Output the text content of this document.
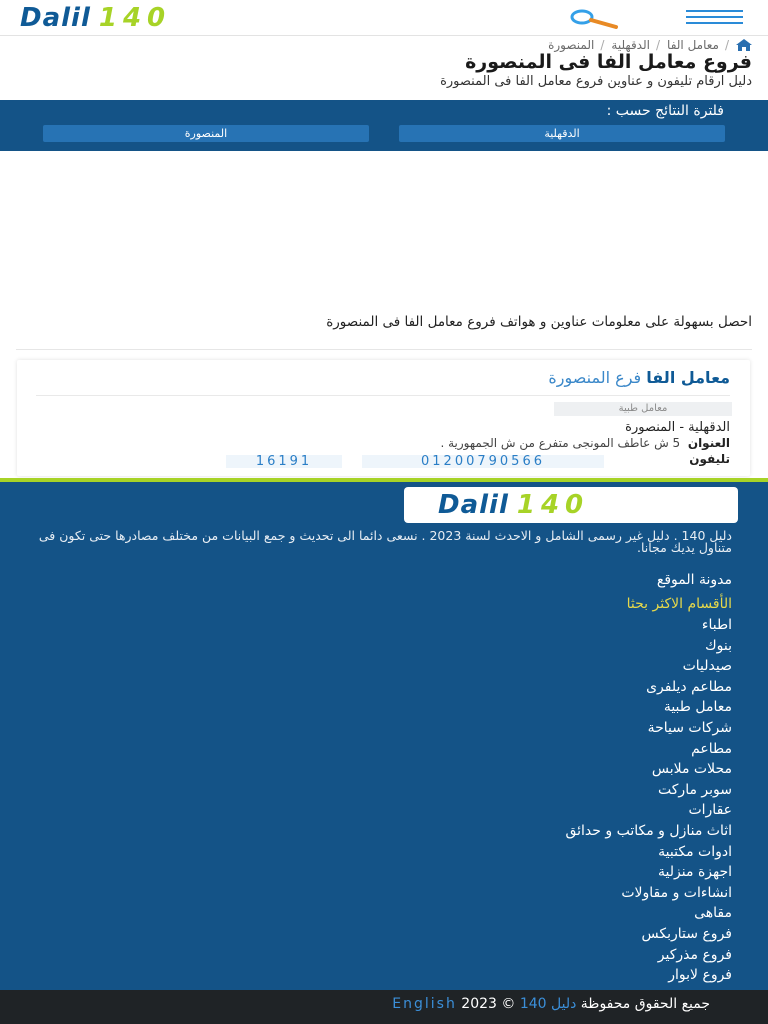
Dalil 140
/
معامل الفا
/
الدقهلية
/
المنصورة
فروع معامل الفا فى المنصورة
دليل ارقام تليفون و عناوين فروع معامل الفا فى المنصورة
فلترة النتائج حسب :
الدقهلية
المنصورة
احصل بسهولة على معلومات عناوين و هواتف فروع معامل الفا فى المنصورة
معامل الفا فرع المنصورة
معامل طبية
الدقهلية - المنصورة
العنوان  5 ش عاطف المونجى متفرع من ش الجمهورية .
تليفون
01200790566
16191
Dalil 140
دليل 140 . دليل غير رسمى الشامل و الاحدث لسنة 2023 . نسعى دائما الى تحديث و جمع البيانات من مختلف مصادرها حتى تكون فى متناول يديك مجانا.
مدونة الموقع
الأقسام الاكثر بحثا
اطباء
بنوك
صيدليات
مطاعم ديلفرى
معامل طبية
شركات سياحة
مطاعم
محلات ملابس
سوبر ماركت
عقارات
اثاث منازل و مكاتب و حدائق
ادوات مكتبية
اجهزة منزلية
انشاءات و مقاولات
مقاهى
فروع ستاربكس
فروع مذركير
فروع لابوار
جميع الحقوق محفوظة دليل 140 © 2023 English
